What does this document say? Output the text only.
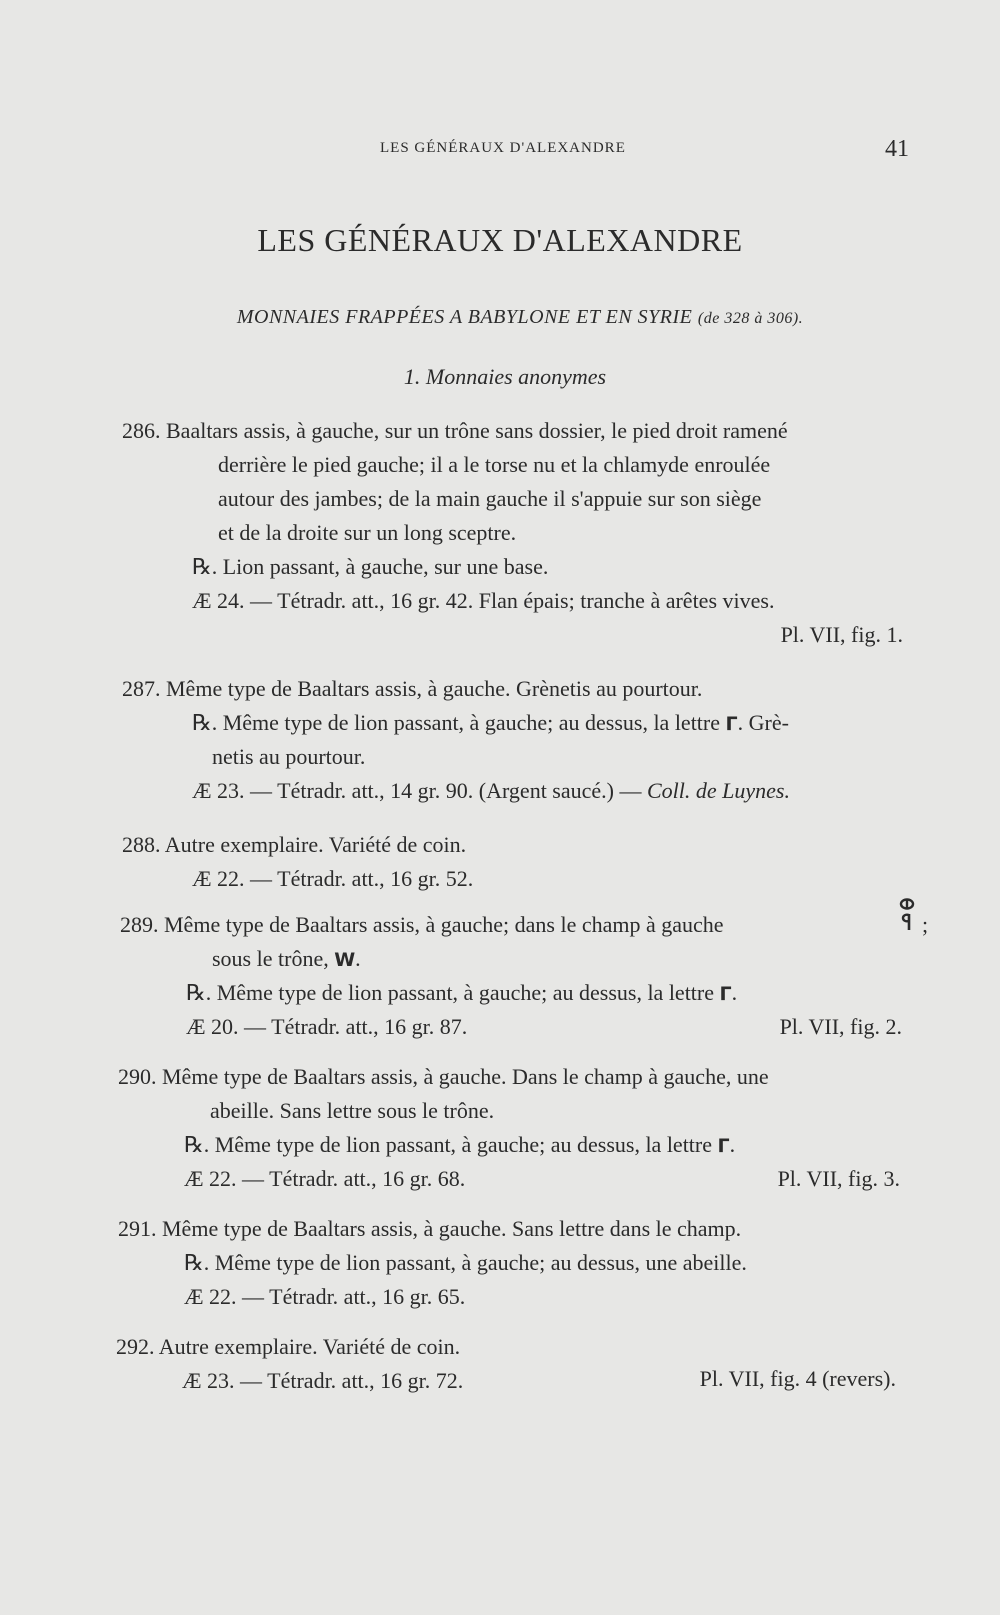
LES GÉNÉRAUX D'ALEXANDRE	41
LES GÉNÉRAUX D'ALEXANDRE
MONNAIES FRAPPÉES A BABYLONE ET EN SYRIE (de 328 à 306).
1. Monnaies anonymes
286. Baaltars assis, à gauche, sur un trône sans dossier, le pied droit ramené
derrière le pied gauche; il a le torse nu et la chlamyde enroulée
autour des jambes; de la main gauche il s'appuie sur son siège
et de la droite sur un long sceptre.
℞. Lion passant, à gauche, sur une base.
Æ 24. — Tétradr. att., 16 gr. 42. Flan épais; tranche à arêtes vives.
Pl. VII, fig. 1.
287. Même type de Baaltars assis, à gauche. Grènetis au pourtour.
℞. Même type de lion passant, à gauche; au dessus, la lettre Γ. Grè-
netis au pourtour.
Æ 23. — Tétradr. att., 14 gr. 90. (Argent saucé.) — Coll. de Luynes.
288. Autre exemplaire. Variété de coin.
Æ 22. — Tétradr. att., 16 gr. 52.
289. Même type de Baaltars assis, à gauche; dans le champ à gauche	;
sous le trône, W.
℞. Même type de lion passant, à gauche; au dessus, la lettre Γ.
Æ 20. — Tétradr. att., 16 gr. 87.	Pl. VII, fig. 2.
290. Même type de Baaltars assis, à gauche. Dans le champ à gauche, une
abeille. Sans lettre sous le trône.
℞. Même type de lion passant, à gauche; au dessus, la lettre Γ.
Æ 22. — Tétradr. att., 16 gr. 68.	Pl. VII, fig. 3.
291. Même type de Baaltars assis, à gauche. Sans lettre dans le champ.
℞. Même type de lion passant, à gauche; au dessus, une abeille.
Æ 22. — Tétradr. att., 16 gr. 65.
292. Autre exemplaire. Variété de coin.
Æ 23. — Tétradr. att., 16 gr. 72.	Pl. VII, fig. 4 (revers).
